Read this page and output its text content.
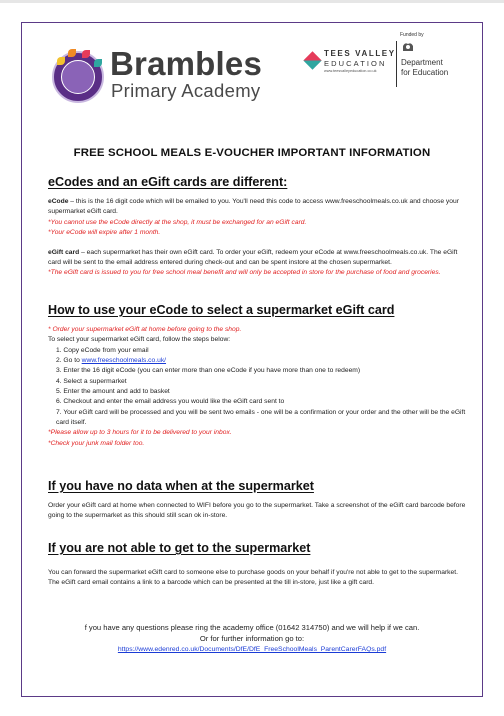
Brambles
Primary Academy
TEES VALLEY
EDUCATION
www.teesvalleyeducation.co.uk
Funded by
Department
for Education
FREE SCHOOL MEALS E-VOUCHER IMPORTANT INFORMATION
eCodes and an eGift cards are different:
eCode – this is the 16 digit code which will be emailed to you. You'll need this code to access www.freeschoolmeals.co.uk and choose your supermarket eGift card.
*You cannot use the eCode directly at the shop, it must be exchanged for an eGift card.
*Your eCode will expire after 1 month.
eGift card – each supermarket has their own eGift card. To order your eGift, redeem your eCode at www.freeschoolmeals.co.uk. The eGift card will be sent to the email address entered during check-out and can be spent instore at the chosen supermarket.
*The eGift card is issued to you for free school meal benefit and will only be accepted in store for the purchase of food and groceries.
How to use your eCode to select a supermarket eGift card
* Order your supermarket eGift at home before going to the shop.
To select your supermarket eGift card, follow the steps below:
1. Copy eCode from your email
2. Go to www.freeschoolmeals.co.uk/
3. Enter the 16 digit eCode (you can enter more than one eCode if you have more than one to redeem)
4. Select a supermarket
5. Enter the amount and add to basket
6. Checkout and enter the email address you would like the eGift card sent to
7. Your eGift card will be processed and you will be sent two emails - one will be a confirmation or your order and the other will be the eGift card itself.
*Please allow up to 3 hours for it to be delivered to your inbox.
*Check your junk mail folder too.
If you have no data when at the supermarket
Order your eGift card at home when connected to WIFI before you go to the supermarket. Take a screenshot of the eGift card barcode before going to the supermarket as this should still scan ok in-store.
If you are not able to get to the supermarket
You can forward the supermarket eGift card to someone else to purchase goods on your behalf if you're not able to get to the supermarket. The eGift card email contains a link to a barcode which can be presented at the till in-store, just like a gift card.
f you have any questions please ring the academy office (01642 314750) and we will help if we can.
Or for further information go to:
https://www.edenred.co.uk/Documents/DfE/DfE_FreeSchoolMeals_ParentCarerFAQs.pdf
